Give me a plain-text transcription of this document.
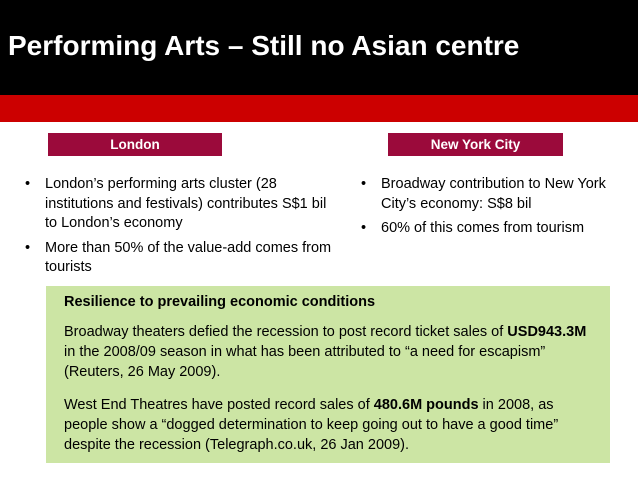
Performing Arts – Still no Asian centre
London	New York City
• London’s performing arts cluster (28 institutions and festivals) contributes S$1 bil to London’s economy
• More than 50% of the value-add comes from tourists
• Broadway contribution to New York City’s economy: S$8 bil
• 60% of this comes from tourism

Resilience to prevailing economic conditions

Broadway theaters defied the recession to post record ticket sales of USD943.3M in the 2008/09 season in what has been attributed to “a need for escapism” (Reuters, 26 May 2009).

West End Theatres have posted record sales of 480.6M pounds in 2008, as people show a “dogged determination to keep going out to have a good time” despite the recession (Telegraph.co.uk, 26 Jan 2009).
